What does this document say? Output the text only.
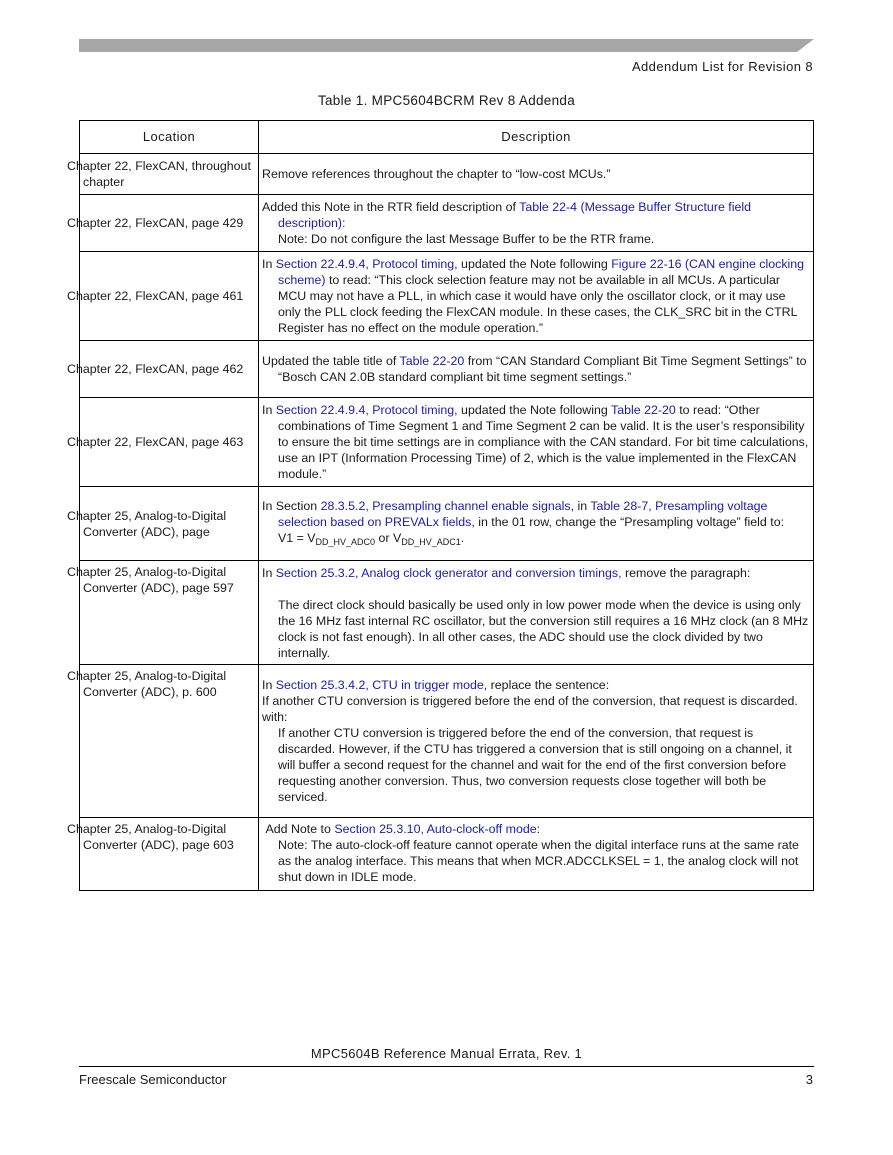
Addendum List for Revision 8
Table 1. MPC5604BCRM Rev 8 Addenda
Location	Description
Chapter 22, FlexCAN, throughout chapter	Remove references throughout the chapter to “low-cost MCUs.”

Chapter 22, FlexCAN, page 429	Added this Note in the RTR field description of Table 22-4 (Message Buffer Structure field description):

Note: Do not configure the last Message Buffer to be the RTR frame.

Chapter 22, FlexCAN, page 461	In Section 22.4.9.4, Protocol timing, updated the Note following Figure 22-16 (CAN engine clocking scheme) to read: “This clock selection feature may not be available in all MCUs. A particular MCU may not have a PLL, in which case it would have only the oscillator clock, or it may use only the PLL clock feeding the FlexCAN module. In these cases, the CLK_SRC bit in the CTRL Register has no effect on the module operation.”

Chapter 22, FlexCAN, page 462	Updated the table title of Table 22-20 from “CAN Standard Compliant Bit Time Segment Settings” to “Bosch CAN 2.0B standard compliant bit time segment settings.”

Chapter 22, FlexCAN, page 463	In Section 22.4.9.4, Protocol timing, updated the Note following Table 22-20 to read: “Other combinations of Time Segment 1 and Time Segment 2 can be valid. It is the user’s responsibility to ensure the bit time settings are in compliance with the CAN standard. For bit time calculations, use an IPT (Information Processing Time) of 2, which is the value implemented in the FlexCAN module.”

Chapter 25, Analog-to-Digital Converter (ADC), page	In Section 28.3.5.2, Presampling channel enable signals, in Table 28-7, Presampling voltage selection based on PREVALx fields, in the 01 row, change the “Presampling voltage” field to:

$V1 = V_{DD\_HV\_ADC0}$ or $V_{DD\_HV\_ADC1}$.

Chapter 25, Analog-to-Digital Converter (ADC), page 597	In Section 25.3.2, Analog clock generator and conversion timings, remove the paragraph:

The direct clock should basically be used only in low power mode when the device is using only the 16 MHz fast internal RC oscillator, but the conversion still requires a 16 MHz clock (an 8 MHz clock is not fast enough). In all other cases, the ADC should use the clock divided by two internally.

Chapter 25, Analog-to-Digital Converter (ADC), p. 600	In Section 25.3.4.2, CTU in trigger mode, replace the sentence:

If another CTU conversion is triggered before the end of the conversion, that request is discarded.

with:

If another CTU conversion is triggered before the end of the conversion, that request is discarded. However, if the CTU has triggered a conversion that is still ongoing on a channel, it will buffer a second request for the channel and wait for the end of the first conversion before requesting another conversion. Thus, two conversion requests close together will both be serviced.

Chapter 25, Analog-to-Digital Converter (ADC), page 603	Add Note to Section 25.3.10, Auto-clock-off mode:

Note: The auto-clock-off feature cannot operate when the digital interface runs at the same rate as the analog interface. This means that when MCR.ADCCLKSEL = 1, the analog clock will not shut down in IDLE mode.

MPC5604B Reference Manual Errata, Rev. 1
Freescale Semiconductor	3
